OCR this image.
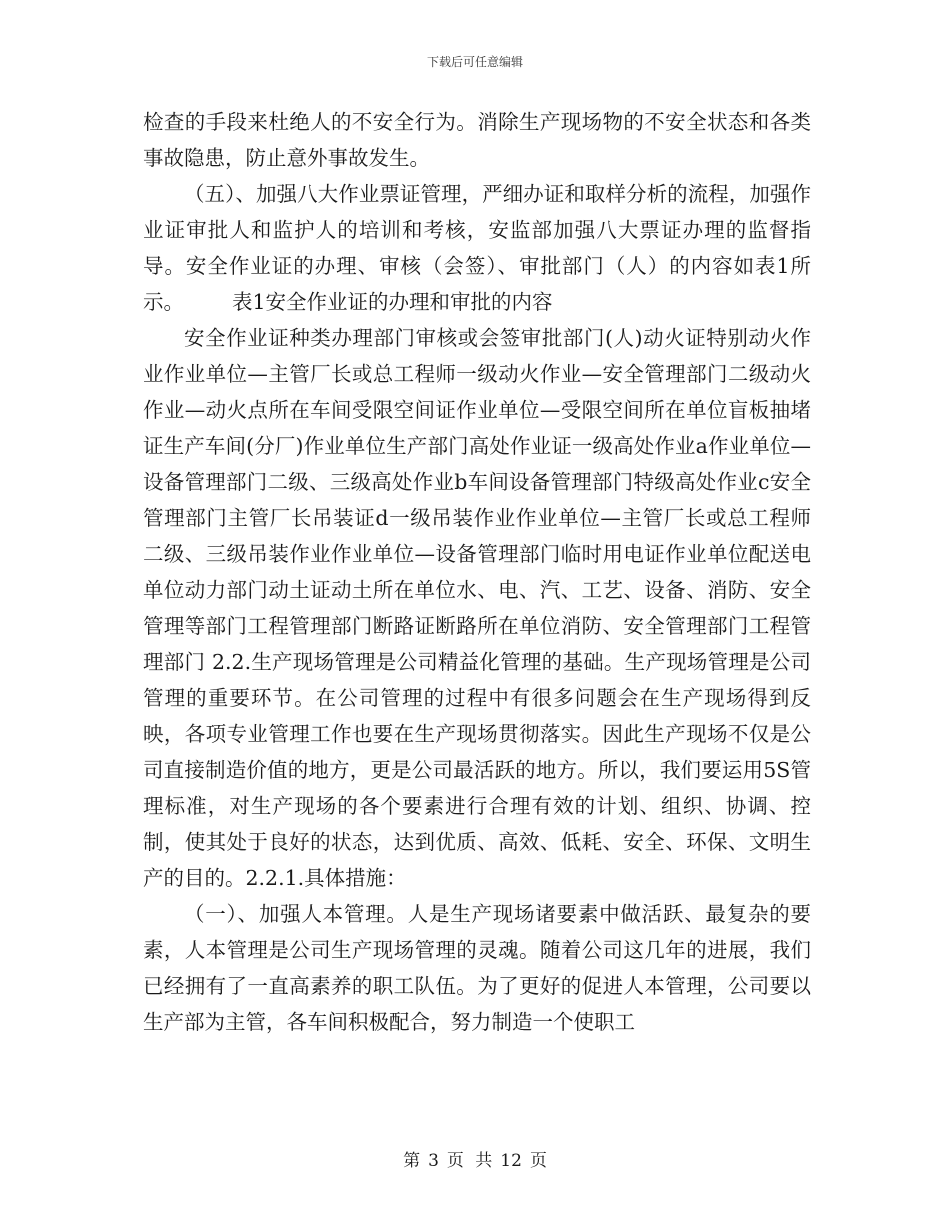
下载后可任意编辑

检查的手段来杜绝人的不安全行为。消除生产现场物的不安全状态和各类事故隐患，防止意外事故发生。

（五）、加强八大作业票证管理，严细办证和取样分析的流程，加强作业证审批人和监护人的培训和考核，安监部加强八大票证办理的监督指导。安全作业证的办理、审核（会签）、审批部门（人）的内容如表1所示。 表1安全作业证的办理和审批的内容

安全作业证种类办理部门审核或会签审批部门(人)动火证特别动火作业作业单位—主管厂长或总工程师一级动火作业—安全管理部门二级动火作业—动火点所在车间受限空间证作业单位—受限空间所在单位盲板抽堵证生产车间(分厂)作业单位生产部门高处作业证一级高处作业a作业单位—设备管理部门二级、三级高处作业b车间设备管理部门特级高处作业c安全管理部门主管厂长吊装证d一级吊装作业作业单位—主管厂长或总工程师二级、三级吊装作业作业单位—设备管理部门临时用电证作业单位配送电单位动力部门动土证动土所在单位水、电、汽、工艺、设备、消防、安全管理等部门工程管理部门断路证断路所在单位消防、安全管理部门工程管理部门 2.2.生产现场管理是公司精益化管理的基础。生产现场管理是公司管理的重要环节。在公司管理的过程中有很多问题会在生产现场得到反映，各项专业管理工作也要在生产现场贯彻落实。因此生产现场不仅是公司直接制造价值的地方，更是公司最活跃的地方。所以，我们要运用5S管理标准，对生产现场的各个要素进行合理有效的计划、组织、协调、控制，使其处于良好的状态，达到优质、高效、低耗、安全、环保、文明生产的目的。2.2.1.具体措施：

（一）、加强人本管理。人是生产现场诸要素中做活跃、最复杂的要素，人本管理是公司生产现场管理的灵魂。随着公司这几年的进展，我们已经拥有了一直高素养的职工队伍。为了更好的促进人本管理，公司要以生产部为主管，各车间积极配合，努力制造一个使职工

第 3 页 共 12 页
